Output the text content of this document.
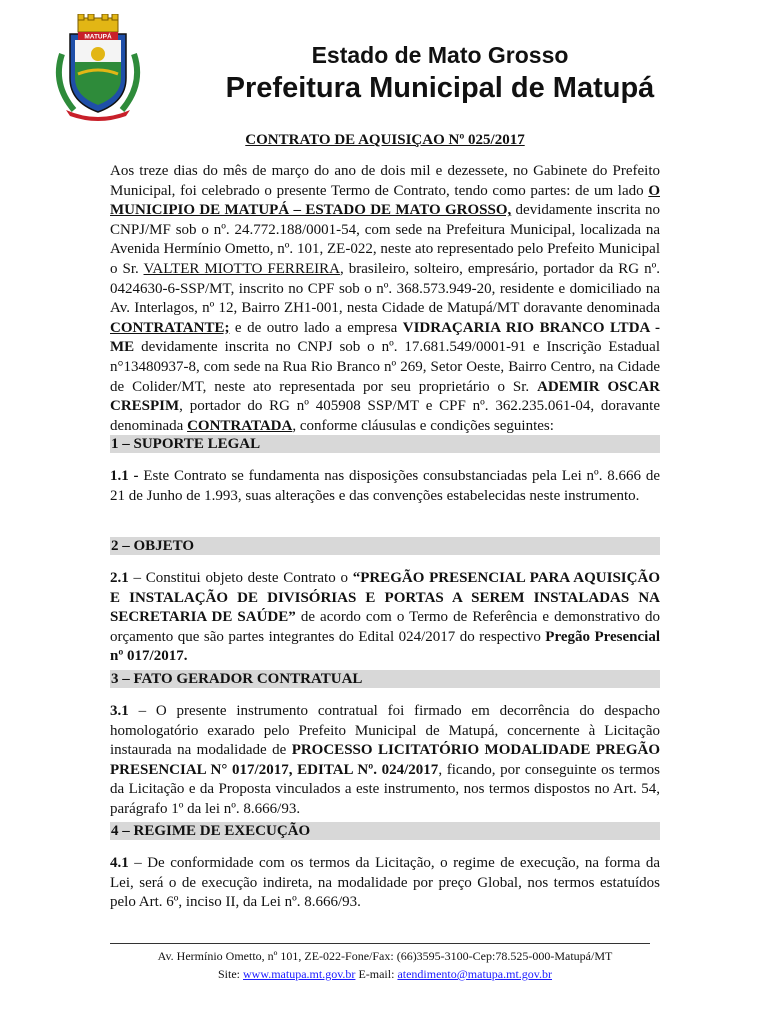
MATUPÁ
Estado de Mato Grosso
Prefeitura Municipal de Matupá
CONTRATO DE AQUISIÇAO Nº 025/2017

Aos treze dias do mês de março do ano de dois mil e dezessete, no Gabinete do Prefeito Municipal, foi celebrado o presente Termo de Contrato, tendo como partes: de um lado O MUNICIPIO DE MATUPÁ – ESTADO DE MATO GROSSO, devidamente inscrita no CNPJ/MF sob o nº. 24.772.188/0001-54, com sede na Prefeitura Municipal, localizada na Avenida Hermínio Ometto, nº. 101, ZE-022, neste ato representado pelo Prefeito Municipal o Sr. VALTER MIOTTO FERREIRA, brasileiro, solteiro, empresário, portador da RG nº. 0424630-6-SSP/MT, inscrito no CPF sob o nº. 368.573.949-20, residente e domiciliado na Av. Interlagos, nº 12, Bairro ZH1-001, nesta Cidade de Matupá/MT doravante denominada CONTRATANTE; e de outro lado a empresa VIDRAÇARIA RIO BRANCO LTDA - ME devidamente inscrita no CNPJ sob o nº. 17.681.549/0001-91 e Inscrição Estadual n°13480937-8, com sede na Rua Rio Branco nº 269, Setor Oeste, Bairro Centro, na Cidade de Colider/MT, neste ato representada por seu proprietário o Sr. ADEMIR OSCAR CRESPIM, portador do RG nº 405908 SSP/MT e CPF nº. 362.235.061-04, doravante denominada CONTRATADA, conforme cláusulas e condições seguintes:

1 – SUPORTE LEGAL

1.1 - Este Contrato se fundamenta nas disposições consubstanciadas pela Lei nº. 8.666 de 21 de Junho de 1.993, suas alterações e das convenções estabelecidas neste instrumento.

2 – OBJETO

2.1 – Constitui objeto deste Contrato o “PREGÃO PRESENCIAL PARA AQUISIÇÃO E INSTALAÇÃO DE DIVISÓRIAS E PORTAS A SEREM INSTALADAS NA SECRETARIA DE SAÚDE” de acordo com o Termo de Referência e demonstrativo do orçamento que são partes integrantes do Edital 024/2017 do respectivo Pregão Presencial nº 017/2017.

3 – FATO GERADOR CONTRATUAL

3.1 – O presente instrumento contratual foi firmado em decorrência do despacho homologatório exarado pelo Prefeito Municipal de Matupá, concernente à Licitação instaurada na modalidade de PROCESSO LICITATÓRIO MODALIDADE PREGÃO PRESENCIAL N° 017/2017, EDITAL Nº. 024/2017, ficando, por conseguinte os termos da Licitação e da Proposta vinculados a este instrumento, nos termos dispostos no Art. 54, parágrafo 1º da lei nº. 8.666/93.

4 – REGIME DE EXECUÇÃO

4.1 – De conformidade com os termos da Licitação, o regime de execução, na forma da Lei, será o de execução indireta, na modalidade por preço Global, nos termos estatuídos pelo Art. 6º, inciso II, da Lei nº. 8.666/93.

Av. Hermínio Ometto, nº 101, ZE-022-Fone/Fax: (66)3595-3100-Cep:78.525-000-Matupá/MT
Site: www.matupa.mt.gov.br E-mail: atendimento@matupa.mt.gov.br
